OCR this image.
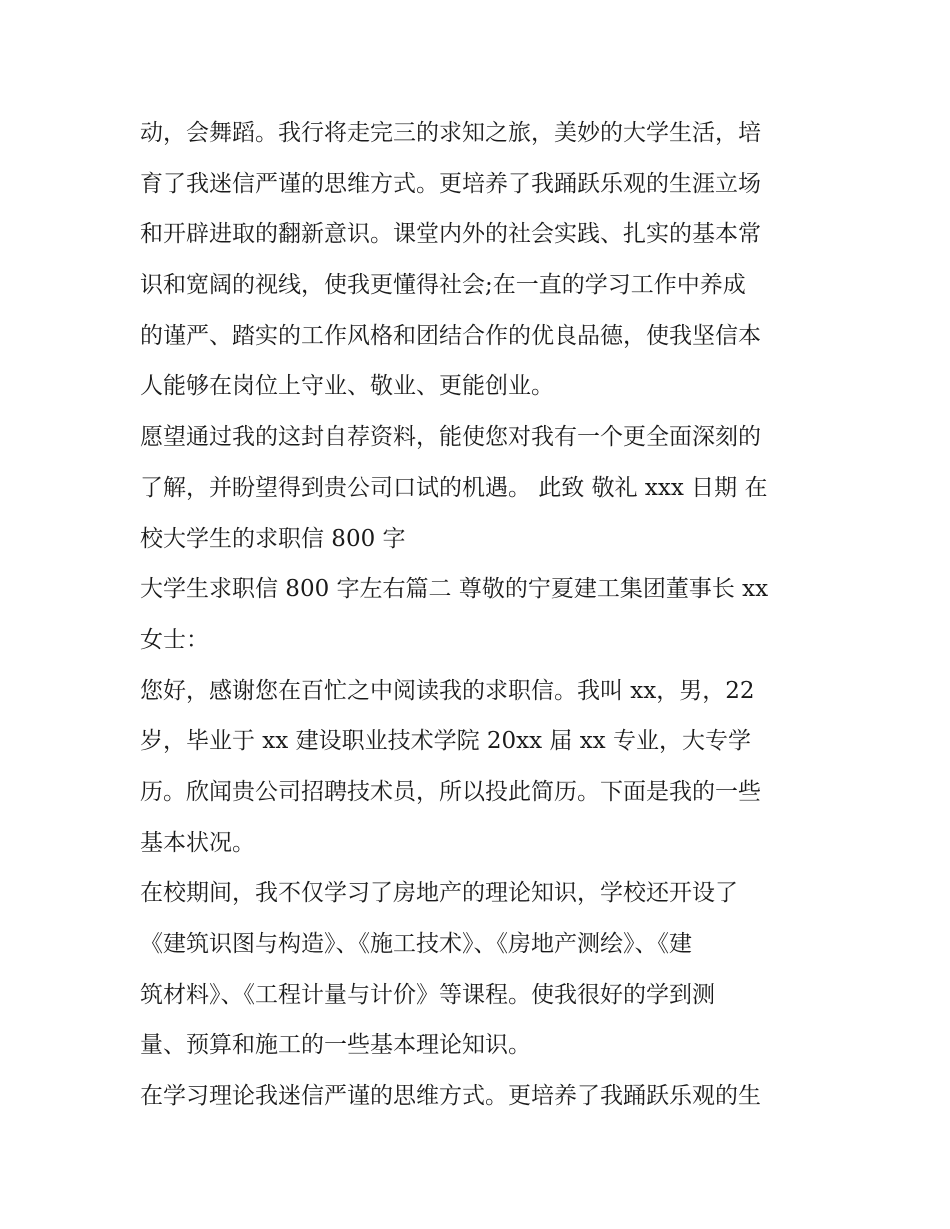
动，会舞蹈。我行将走完三的求知之旅，美妙的大学生活，培
育了我迷信严谨的思维方式。更培养了我踊跃乐观的生涯立场
和开辟进取的翻新意识。课堂内外的社会实践、扎实的基本常
识和宽阔的视线，使我更懂得社会;在一直的学习工作中养成
的谨严、踏实的工作风格和团结合作的优良品德，使我坚信本
人能够在岗位上守业、敬业、更能创业。
愿望通过我的这封自荐资料，能使您对我有一个更全面深刻的
了解，并盼望得到贵公司口试的机遇。 此致 敬礼 xxx 日期 在
校大学生的求职信 800 字
大学生求职信 800 字左右篇二 尊敬的宁夏建工集团董事长 xx
女士：
您好，感谢您在百忙之中阅读我的求职信。我叫 xx，男，22
岁，毕业于 xx 建设职业技术学院 20xx 届 xx 专业，大专学
历。欣闻贵公司招聘技术员，所以投此简历。下面是我的一些
基本状况。
在校期间，我不仅学习了房地产的理论知识，学校还开设了
《建筑识图与构造》、《施工技术》、《房地产测绘》、《建
筑材料》、《工程计量与计价》等课程。使我很好的学到测
量、预算和施工的一些基本理论知识。
在学习理论我迷信严谨的思维方式。更培养了我踊跃乐观的生
